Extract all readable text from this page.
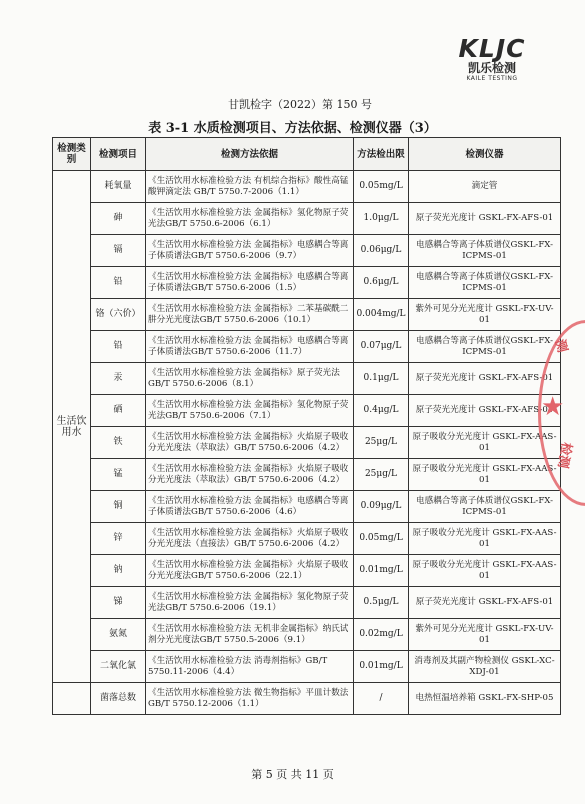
KLJC
凯乐检测
KAILE TESTING
甘凯检字（2022）第 150 号
表 3-1 水质检测项目、方法依据、检测仪器（3）
检测类别	检测项目	检测方法依据	方法检出限	检测仪器
生活饮用水	耗氧量	《生活饮用水标准检验方法 有机综合指标》酸性高锰酸钾滴定法 GB/T 5750.7-2006（1.1）	0.05mg/L	滴定管
	砷	《生活饮用水标准检验方法 金属指标》氢化物原子荧光法GB/T 5750.6-2006（6.1）	1.0μg/L	原子荧光光度计 GSKL-FX-AFS-01
	镉	《生活饮用水标准检验方法 金属指标》电感耦合等离子体质谱法GB/T 5750.6-2006（9.7）	0.06μg/L	电感耦合等离子体质谱仪GSKL-FX-ICPMS-01
	铅	《生活饮用水标准检验方法 金属指标》电感耦合等离子体质谱法GB/T 5750.6-2006（1.5）	0.6μg/L	电感耦合等离子体质谱仪GSKL-FX-ICPMS-01
	铬（六价）	《生活饮用水标准检验方法 金属指标》二苯基碳酰二肼分光光度法GB/T 5750.6-2006（10.1）	0.004mg/L	紫外可见分光光度计 GSKL-FX-UV-01
	铅	《生活饮用水标准检验方法 金属指标》电感耦合等离子体质谱法GB/T 5750.6-2006（11.7）	0.07μg/L	电感耦合等离子体质谱仪GSKL-FX-ICPMS-01
	汞	《生活饮用水标准检验方法 金属指标》原子荧光法GB/T 5750.6-2006（8.1）	0.1μg/L	原子荧光光度计 GSKL-FX-AFS-01
	硒	《生活饮用水标准检验方法 金属指标》氢化物原子荧光法GB/T 5750.6-2006（7.1）	0.4μg/L	原子荧光光度计 GSKL-FX-AFS-01
	铁	《生活饮用水标准检验方法 金属指标》火焰原子吸收分光光度法（萃取法）GB/T 5750.6-2006（4.2）	25μg/L	原子吸收分光光度计 GSKL-FX-AAS-01
	锰	《生活饮用水标准检验方法 金属指标》火焰原子吸收分光光度法（萃取法）GB/T 5750.6-2006（4.2）	25μg/L	原子吸收分光光度计 GSKL-FX-AAS-01
	铜	《生活饮用水标准检验方法 金属指标》电感耦合等离子体质谱法GB/T 5750.6-2006（4.6）	0.09μg/L	电感耦合等离子体质谱仪GSKL-FX-ICPMS-01
	锌	《生活饮用水标准检验方法 金属指标》火焰原子吸收分光光度法（直接法）GB/T 5750.6-2006（4.2）	0.05mg/L	原子吸收分光光度计 GSKL-FX-AAS-01
	钠	《生活饮用水标准检验方法 金属指标》火焰原子吸收分光光度法GB/T 5750.6-2006（22.1）	0.01mg/L	原子吸收分光光度计 GSKL-FX-AAS-01
	锑	《生活饮用水标准检验方法 金属指标》氢化物原子荧光法GB/T 5750.6-2006（19.1）	0.5μg/L	原子荧光光度计 GSKL-FX-AFS-01
	氨氮	《生活饮用水标准检验方法 无机非金属指标》纳氏试剂分光光度法GB/T 5750.5-2006（9.1）	0.02mg/L	紫外可见分光光度计 GSKL-FX-UV-01
	二氧化氯	《生活饮用水标准检验方法 消毒剂指标》GB/T 5750.11-2006（4.4）	0.01mg/L	消毒剂及其副产物检测仪 GSKL-XC-XDJ-01
	菌落总数	《生活饮用水标准检验方法 微生物指标》平皿计数法GB/T 5750.12-2006（1.1）	/	电热恒温培养箱 GSKL-FX-SHP-05
测
★
检测
第 5 页 共 11 页
